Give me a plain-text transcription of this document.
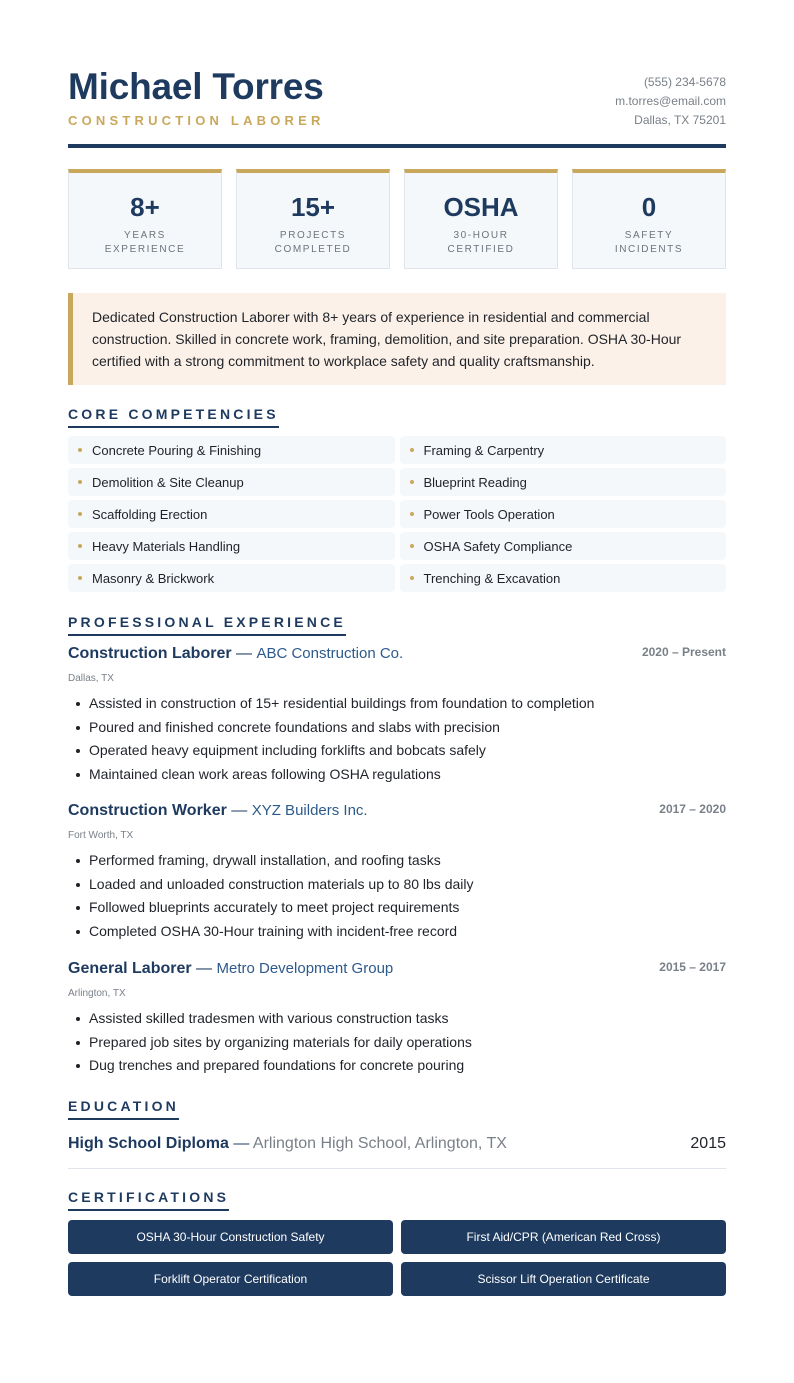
Michael Torres
CONSTRUCTION LABORER
(555) 234-5678
m.torres@email.com
Dallas, TX 75201
8+
YEARS EXPERIENCE
15+
PROJECTS COMPLETED
OSHA
30-HOUR CERTIFIED
0
SAFETY INCIDENTS
Dedicated Construction Laborer with 8+ years of experience in residential and commercial construction. Skilled in concrete work, framing, demolition, and site preparation. OSHA 30-Hour certified with a strong commitment to workplace safety and quality craftsmanship.
CORE COMPETENCIES
Concrete Pouring & Finishing	Framing & Carpentry
Demolition & Site Cleanup	Blueprint Reading
Scaffolding Erection	Power Tools Operation
Heavy Materials Handling	OSHA Safety Compliance
Masonry & Brickwork	Trenching & Excavation
PROFESSIONAL EXPERIENCE
Construction Laborer — ABC Construction Co.	2020 – Present
Dallas, TX
Assisted in construction of 15+ residential buildings from foundation to completion
Poured and finished concrete foundations and slabs with precision
Operated heavy equipment including forklifts and bobcats safely
Maintained clean work areas following OSHA regulations
Construction Worker — XYZ Builders Inc.	2017 – 2020
Fort Worth, TX
Performed framing, drywall installation, and roofing tasks
Loaded and unloaded construction materials up to 80 lbs daily
Followed blueprints accurately to meet project requirements
Completed OSHA 30-Hour training with incident-free record
General Laborer — Metro Development Group	2015 – 2017
Arlington, TX
Assisted skilled tradesmen with various construction tasks
Prepared job sites by organizing materials for daily operations
Dug trenches and prepared foundations for concrete pouring
EDUCATION
High School Diploma — Arlington High School, Arlington, TX	2015
CERTIFICATIONS
OSHA 30-Hour Construction Safety	First Aid/CPR (American Red Cross)
Forklift Operator Certification	Scissor Lift Operation Certificate
